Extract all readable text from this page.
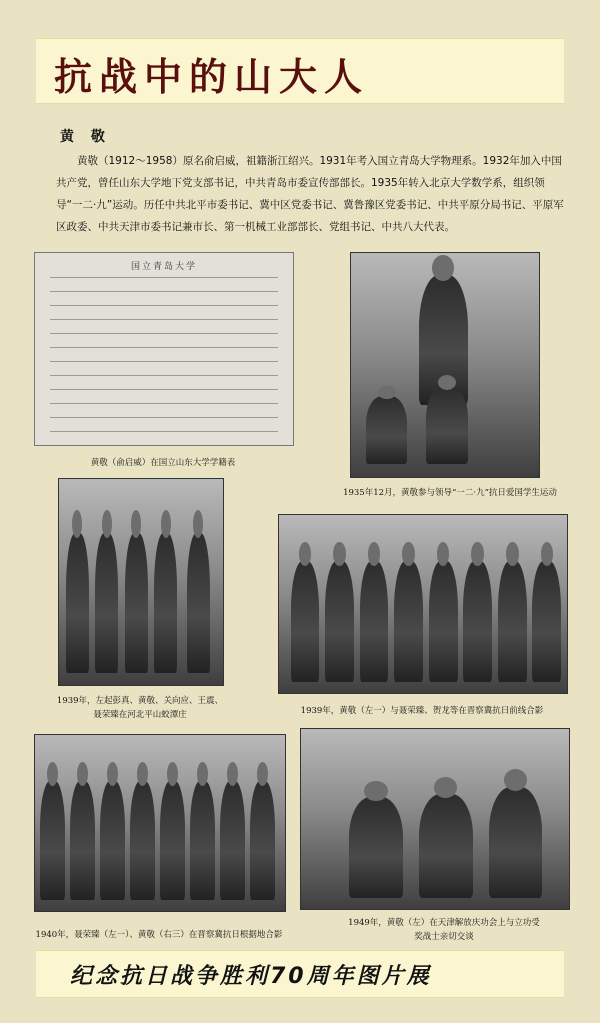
抗战中的山大人
黄 敬
黄敬（1912～1958）原名俞启威，祖籍浙江绍兴。1931年考入国立青岛大学物理系。1932年加入中国共产党，曾任山东大学地下党支部书记，中共青岛市委宣传部部长。1935年转入北京大学数学系，组织领导“一二·九”运动。历任中共北平市委书记、冀中区党委书记、冀鲁豫区党委书记、中共平原分局书记、平原军区政委、中共天津市委书记兼市长、第一机械工业部部长、党组书记、中共八大代表。
国立青岛大学
黄敬（俞启威）在国立山东大学学籍表
1935年12月，黄敬参与领导“一二·九”抗日爱国学生运动
1939年，左起彭真、黄敬、关向应、王震、聂荣臻在河北平山蛟潭庄	1939年，黄敬（左一）与聂荣臻、贺龙等在晋察冀抗日前线合影
1940年，聂荣臻（左一）、黄敬（右三）在晋察冀抗日根据地合影
1949年，黄敬（左）在天津解放庆功会上与立功受奖战士亲切交谈
纪念抗日战争胜利70周年图片展
